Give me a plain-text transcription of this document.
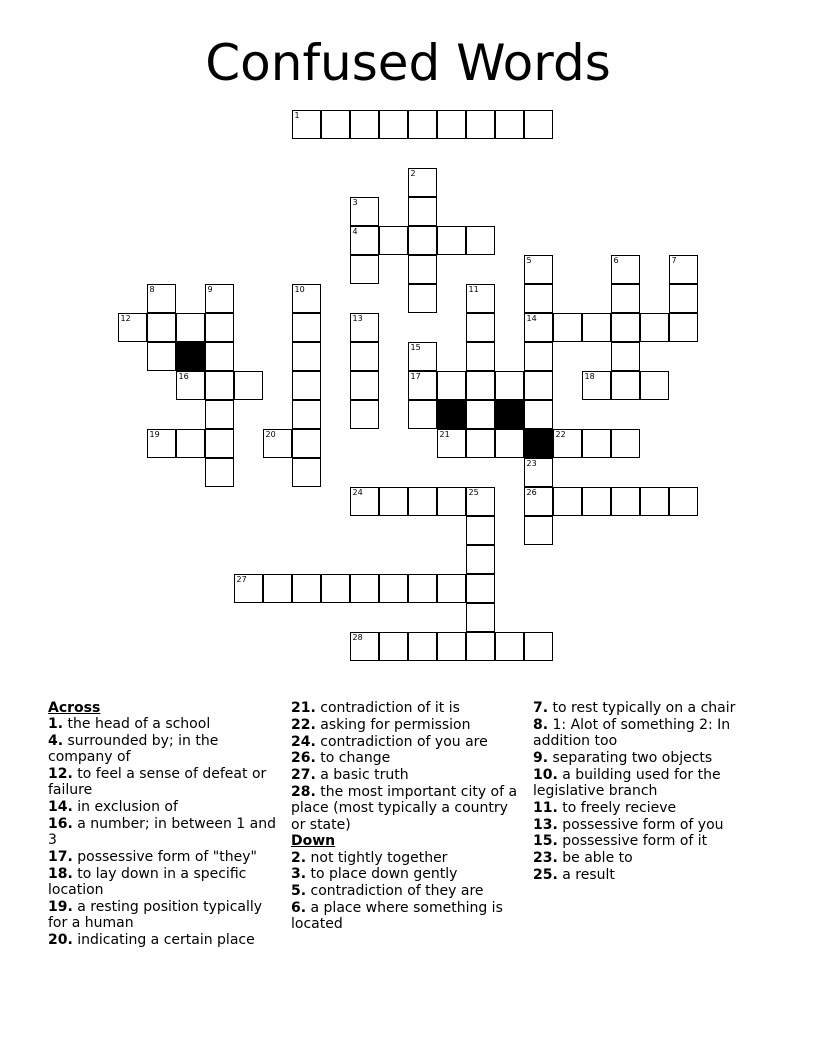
Confused Words
1
2
3
4
5	6	7
8	9	10	11
12	13	14
15
16	17	18
19	20	21	22
23
24	25	26
27
28
Across
1. the head of a school
4. surrounded by; in the company of
12. to feel a sense of defeat or failure
14. in exclusion of
16. a number; in between 1 and 3
17. possessive form of "they"
18. to lay down in a specific location
19. a resting position typically for a human
20. indicating a certain place
21. contradiction of it is
22. asking for permission
24. contradiction of you are
26. to change
27. a basic truth
28. the most important city of a place (most typically a country or state)
Down
2. not tightly together
3. to place down gently
5. contradiction of they are
6. a place where something is located
7. to rest typically on a chair
8. 1: Alot of something 2: In addition too
9. separating two objects
10. a building used for the legislative branch
11. to freely recieve
13. possessive form of you
15. possessive form of it
23. be able to
25. a result
